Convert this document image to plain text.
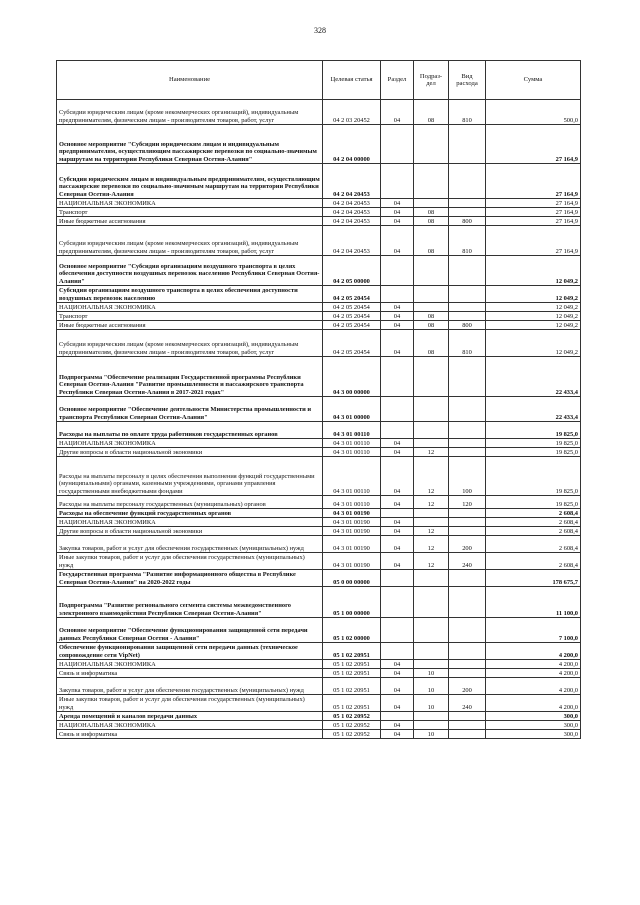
328
Наименование	Целевая статья	Раздел	Подраз-дел	Вид расхода	Сумма
Субсидии юридическим лицам (кроме некоммерческих организаций), индивидуальным предпринимателям, физическим лицам - производителям товаров, работ, услуг	04 2 03 20452	04	08	810	500,0
Основное мероприятие "Субсидии юридическим лицам и индивидуальным предпринимателям, осуществляющим пассажирские перевозки по социально-значимым маршрутам на территории Республики Северная Осетия-Алания"	04 2 04 00000				27 164,9
Субсидии юридическим лицам и индивидуальным предпринимателям, осуществляющим пассажирские перевозки по социально-значимым маршрутам на территории Республики Северная Осетия-Алания	04 2 04 20453				27 164,9
НАЦИОНАЛЬНАЯ ЭКОНОМИКА	04 2 04 20453	04			27 164,9
Транспорт	04 2 04 20453	04	08		27 164,9
Иные бюджетные ассигнования	04 2 04 20453	04	08	800	27 164,9
Субсидии юридическим лицам (кроме некоммерческих организаций), индивидуальным предпринимателям, физическим лицам - производителям товаров, работ, услуг	04 2 04 20453	04	08	810	27 164,9
Основное мероприятие "Субсидия организациям воздушного транспорта в целях обеспечения доступности воздушных перевозок населению Республики Северная Осетия-Алания"	04 2 05 00000				12 049,2
Субсидии организациям воздушного транспорта в целях обеспечения доступности воздушных перевозок населению	04 2 05 20454				12 049,2
НАЦИОНАЛЬНАЯ ЭКОНОМИКА	04 2 05 20454	04			12 049,2
Транспорт	04 2 05 20454	04	08		12 049,2
Иные бюджетные ассигнования	04 2 05 20454	04	08	800	12 049,2
Субсидии юридическим лицам (кроме некоммерческих организаций), индивидуальным предпринимателям, физическим лицам - производителям товаров, работ, услуг	04 2 05 20454	04	08	810	12 049,2
Подпрограмма "Обеспечение реализации Государственной программы Республики Северная Осетия-Алания "Развитие промышленности и пассажирского транспорта Республики Северная Осетия-Алания в 2017-2021 годах"	04 3 00 00000				22 433,4
Основное мероприятие "Обеспечение деятельности Министерства промышленности и транспорта Республики Северная Осетия-Алания"	04 3 01 00000				22 433,4
Расходы на выплаты по оплате труда работников государственных органов	04 3 01 00110				19 825,0
НАЦИОНАЛЬНАЯ ЭКОНОМИКА	04 3 01 00110	04			19 825,0
Другие вопросы в области национальной экономики	04 3 01 00110	04	12		19 825,0
Расходы на выплаты персоналу в целях обеспечения выполнения функций государственными (муниципальными) органами, казенными учреждениями, органами управления государственными внебюджетными фондами	04 3 01 00110	04	12	100	19 825,0
Расходы на выплаты персоналу государственных (муниципальных) органов	04 3 01 00110	04	12	120	19 825,0
Расходы на обеспечение функций государственных органов	04 3 01 00190				2 608,4
НАЦИОНАЛЬНАЯ ЭКОНОМИКА	04 3 01 00190	04			2 608,4
Другие вопросы в области национальной экономики	04 3 01 00190	04	12		2 608,4
Закупка товаров, работ и услуг для обеспечения государственных (муниципальных) нужд	04 3 01 00190	04	12	200	2 608,4
Иные закупки товаров, работ и услуг для обеспечения государственных (муниципальных) нужд	04 3 01 00190	04	12	240	2 608,4
Государственная программа "Развитие информационного общества в Республике Северная Осетия-Алания" на 2020-2022 годы	05 0 00 00000				178 675,7
Подпрограмма "Развитие регионального сегмента системы межведомственного электронного взаимодействия Республики Северная Осетия-Алания"	05 1 00 00000				11 100,0
Основное мероприятие "Обеспечение функционирования защищенной сети передачи данных Республики Северная Осетия - Алания"	05 1 02 00000				7 100,0
Обеспечение функционирования защищенной сети передачи данных (техническое сопровождение сети VipNet)	05 1 02 20951				4 200,0
НАЦИОНАЛЬНАЯ ЭКОНОМИКА	05 1 02 20951	04			4 200,0
Связь и информатика	05 1 02 20951	04	10		4 200,0
Закупка товаров, работ и услуг для обеспечения государственных (муниципальных) нужд	05 1 02 20951	04	10	200	4 200,0
Иные закупки товаров, работ и услуг для обеспечения государственных (муниципальных) нужд	05 1 02 20951	04	10	240	4 200,0
Аренда помещений и каналов передачи данных	05 1 02 20952				300,0
НАЦИОНАЛЬНАЯ ЭКОНОМИКА	05 1 02 20952	04			300,0
Связь и информатика	05 1 02 20952	04	10		300,0
